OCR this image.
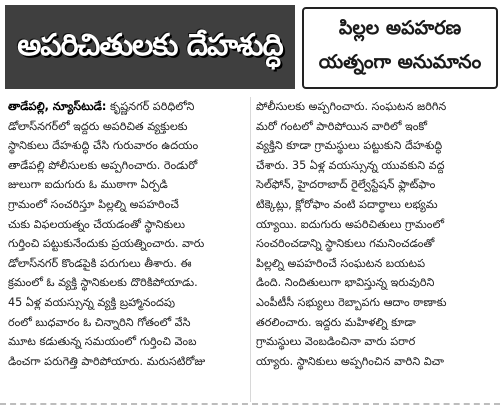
అపరిచితులకు దేహశుద్ధి	పిల్లల అపహరణ
యత్నంగా అనుమానం
తాడేపల్లి, న్యూస్‌టుడే: కృష్ణనగర్ పరిధిలోని
డోలాస్‌నగర్‌లో ఇద్దరు అపరిచిత వ్యక్తులకు
స్థానికులు దేహశుద్ధి చేసి గురువారం ఉదయం
తాడేపల్లి పోలీసులకు అప్పగించారు. రెండురో
జులుగా ఐదుగురు ఓ ముఠాగా ఏర్పడి
గ్రామంలో సంచరిస్తూ పిల్లల్ని అపహరించే
చుకు విఫలయత్నం చేయడంతో స్థానికులు
గుర్తించి పట్టుకునేందుకు ప్రయత్నించారు. వారు
డోలాస్‌నగర్ కొండపైకి పరుగులు తీశారు. ఈ
క్రమంలో ఓ వ్యక్తి స్థానికులకు దొరికిపోయాడు.
45 ఏళ్ల వయస్సున్న వ్యక్తి బ్రహ్మానందపు
రంలో బుధవారం ఓ చిన్నారిని గోతంలో వేసి
మూట కడుతున్న సమయంలో గుర్తించి వెంబ
డించగా పరుగెత్తి పారిపోయారు. మరుసటిరోజు
పోలీసులకు అప్పగించారు. సంఘటన జరిగిన
మరో గంటలో పారిపోయిన వారిలో ఇంకో
వ్యక్తిని కూడా గ్రామస్థులు పట్టుకుని దేహశుద్ధి
చేశారు. 35 ఏళ్ల వయస్సున్న యువకుని వద్ద
సెల్‌ఫోన్, హైదరాబాద్ రైల్వేస్టేషన్ ఫ్లాట్‌ఫాం
టిక్కెట్లు, క్లోరోఫాం వంటి పదార్థాలు లభ్యమ
య్యాయి. ఐదుగురు అపరిచితులు గ్రామంలో
సంచరించడాన్ని స్థానికులు గమనించడంతో
పిల్లల్ని అపహరించే సంఘటన బయటప
డింది. నిందితులుగా భావిస్తున్న ఇరువురిని
ఎంపీటీసీ సభ్యులు రెబ్బాపగు ఆదాం ఠాణాకు
తరలించారు. ఇద్దరు మహిళల్ని కూడా
గ్రామస్థులు వెంబడించినా వారు పరార
య్యారు. స్థానికులు అప్పగించిన వారిని విచా
